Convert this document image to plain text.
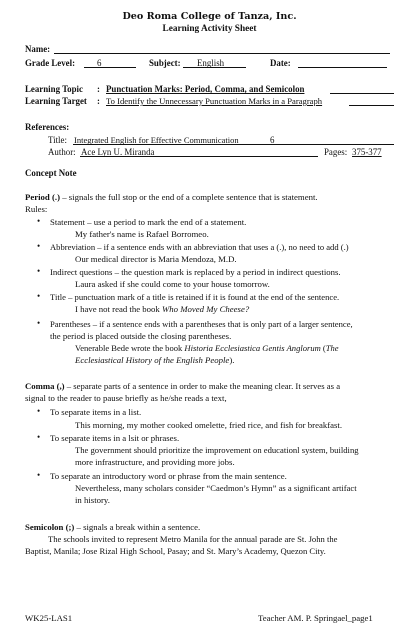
Deo Roma College of Tanza, Inc.
Learning Activity Sheet
Name:
Grade Level: 6	Subject: English	Date:
Learning Topic : Punctuation Marks: Period, Comma, and Semicolon
Learning Target : To Identify the Unnecessary Punctuation Marks in a Paragraph
References:
Title: Integrated English for Effective Communication	6
Author: Ace Lyn U. Miranda	Pages: 375-377
Concept Note
Period (.) – signals the full stop or the end of a complete sentence that is statement.
Rules:
• Statement – use a period to mark the end of a statement.
My father's name is Rafael Borromeo.
• Abbreviation – if a sentence ends with an abbreviation that uses a (.), no need to add (.)
Our medical director is Maria Mendoza, M.D.
• Indirect questions – the question mark is replaced by a period in indirect questions.
Laura asked if she could come to your house tomorrow.
• Title – punctuation mark of a title is retained if it is found at the end of the sentence.
I have not read the book Who Moved My Cheese?
• Parentheses – if a sentence ends with a parentheses that is only part of a larger sentence,
the period is placed outside the closing parentheses.
Venerable Bede wrote the book Historia Ecclesiastica Gentis Anglorum (The
Ecclesiastical History of the English People).
Comma (,) – separate parts of a sentence in order to make the meaning clear. It serves as a
signal to the reader to pause briefly as he/she reads a text,
• To separate items in a list.
This morning, my mother cooked omelette, fried rice, and fish for breakfast.
• To separate items in a lsit or phrases.
The government should prioritize the improvement on educationl system, building
more infrastructure, and providing more jobs.
• To separate an introductory word or phrase from the main sentence.
Nevertheless, many scholars consider “Caedmon’s Hymn” as a significant artifact
in history.
Semicolon (;) – signals a break within a sentence.
The schools invited to represent Metro Manila for the annual parade are St. John the
Baptist, Manila; Jose Rizal High School, Pasay; and St. Mary’s Academy, Quezon City.
WK25-LAS1	Teacher AM. P. Springael_page1
